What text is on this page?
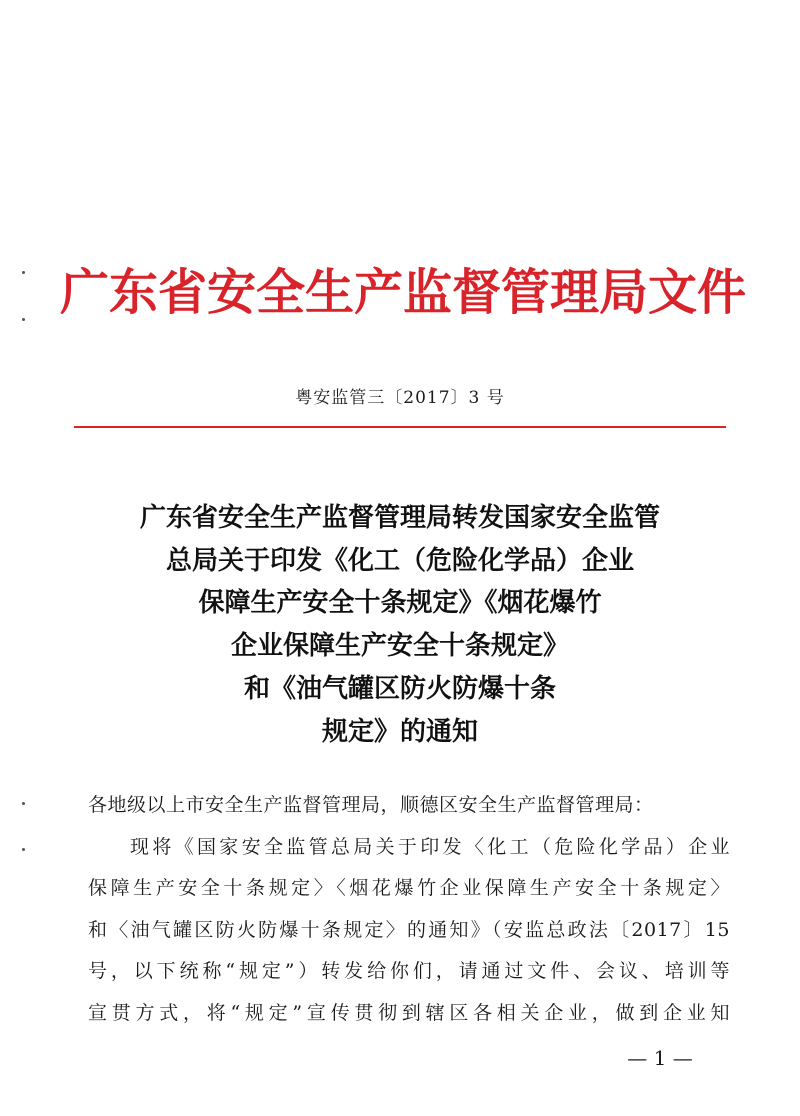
广东省安全生产监督管理局文件
粤安监管三〔2017〕3 号
广东省安全生产监督管理局转发国家安全监管
总局关于印发《化工（危险化学品）企业
保障生产安全十条规定》《烟花爆竹
企业保障生产安全十条规定》
和《油气罐区防火防爆十条
规定》的通知
各地级以上市安全生产监督管理局，顺德区安全生产监督管理局：
现将《国家安全监管总局关于印发〈化工（危险化学品）企业
保障生产安全十条规定〉〈烟花爆竹企业保障生产安全十条规定〉
和〈油气罐区防火防爆十条规定〉的通知》（安监总政法〔2017〕15
号，以下统称“规定”）转发给你们，请通过文件、会议、培训等
宣贯方式，将“规定”宣传贯彻到辖区各相关企业，做到企业知
— 1 —
